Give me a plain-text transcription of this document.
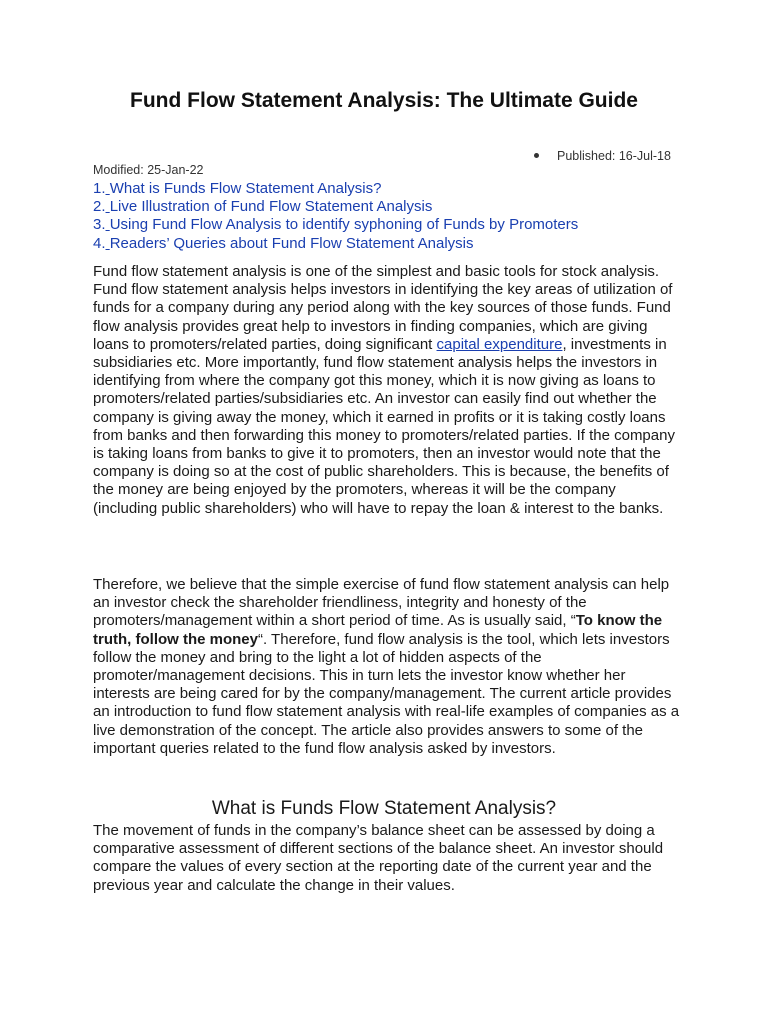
Fund Flow Statement Analysis: The Ultimate Guide
Published: 16-Jul-18
Modified: 25-Jan-22
1. What is Funds Flow Statement Analysis?
2. Live Illustration of Fund Flow Statement Analysis
3. Using Fund Flow Analysis to identify syphoning of Funds by Promoters
4. Readers’ Queries about Fund Flow Statement Analysis

Fund flow statement analysis is one of the simplest and basic tools for stock analysis. Fund flow statement analysis helps investors in identifying the key areas of utilization of funds for a company during any period along with the key sources of those funds. Fund flow analysis provides great help to investors in finding companies, which are giving loans to promoters/related parties, doing significant capital expenditure, investments in subsidiaries etc. More importantly, fund flow statement analysis helps the investors in identifying from where the company got this money, which it is now giving as loans to promoters/related parties/subsidiaries etc. An investor can easily find out whether the company is giving away the money, which it earned in profits or it is taking costly loans from banks and then forwarding this money to promoters/related parties. If the company is taking loans from banks to give it to promoters, then an investor would note that the company is doing so at the cost of public shareholders. This is because, the benefits of the money are being enjoyed by the promoters, whereas it will be the company (including public shareholders) who will have to repay the loan & interest to the banks.

Therefore, we believe that the simple exercise of fund flow statement analysis can help an investor check the shareholder friendliness, integrity and honesty of the promoters/management within a short period of time. As is usually said, “To know the truth, follow the money“. Therefore, fund flow analysis is the tool, which lets investors follow the money and bring to the light a lot of hidden aspects of the promoter/management decisions. This in turn lets the investor know whether her interests are being cared for by the company/management. The current article provides an introduction to fund flow statement analysis with real-life examples of companies as a live demonstration of the concept. The article also provides answers to some of the important queries related to the fund flow analysis asked by investors.

What is Funds Flow Statement Analysis?

The movement of funds in the company’s balance sheet can be assessed by doing a comparative assessment of different sections of the balance sheet. An investor should compare the values of every section at the reporting date of the current year and the previous year and calculate the change in their values.
